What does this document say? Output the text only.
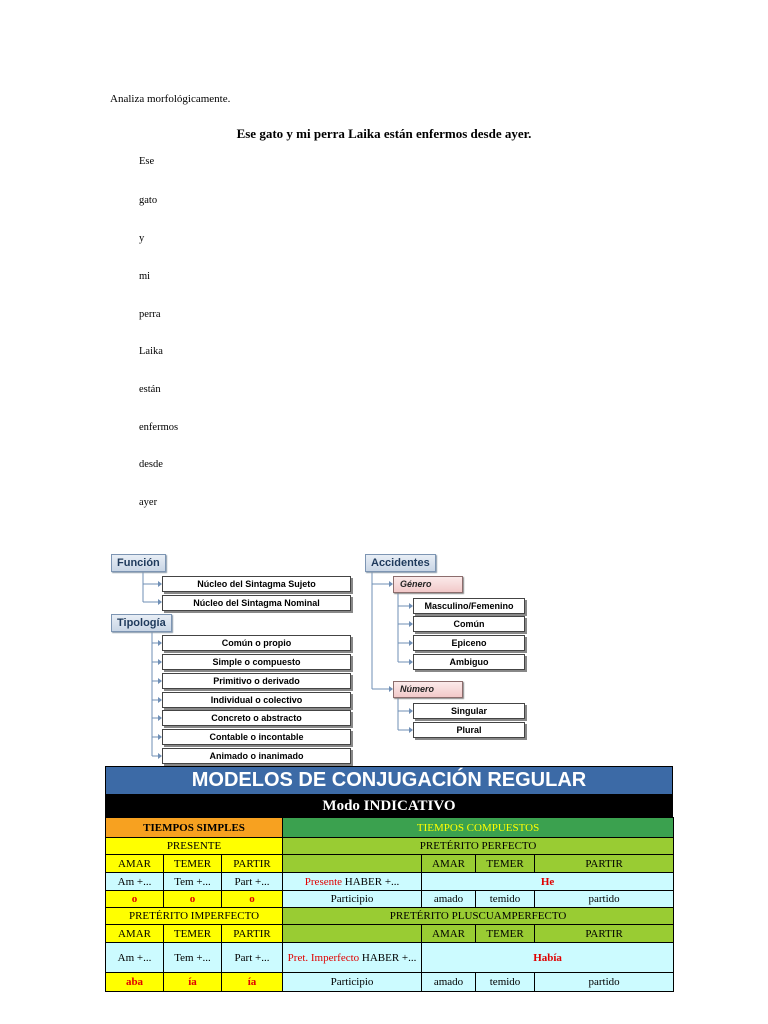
Analiza morfológicamente.
Ese gato y mi perra Laika están enfermos desde ayer.
Ese
gato
y
mi
perra
Laika
están
enfermos
desde
ayer
Función
Núcleo del Sintagma Sujeto
Núcleo del Sintagma Nominal
Tipología
Común o propio
Simple o compuesto
Primitivo o derivado
Individual o colectivo
Concreto o abstracto
Contable o incontable
Animado o inanimado
Accidentes
Género
Masculino/Femenino
Común
Epiceno
Ambiguo
Número
Singular
Plural
MODELOS DE CONJUGACIÓN REGULAR
Modo INDICATIVO
TIEMPOS SIMPLES			TIEMPOS COMPUESTOS			
PRESENTE			PRETÉRITO PERFECTO			
AMAR	TEMER	PARTIR		AMAR	TEMER	PARTIR
Am +...	Tem +...	Part +...	Presente HABER +...	He		
o	o	o	Participio	amado	temido	partido
PRETÉRITO IMPERFECTO			PRETÉRITO PLUSCUAMPERFECTO			
AMAR	TEMER	PARTIR		AMAR	TEMER	PARTIR
Am +...	Tem +...	Part +...	Pret. Imperfecto HABER +...	Había		
aba	ía	ía	Participio	amado	temido	partido
